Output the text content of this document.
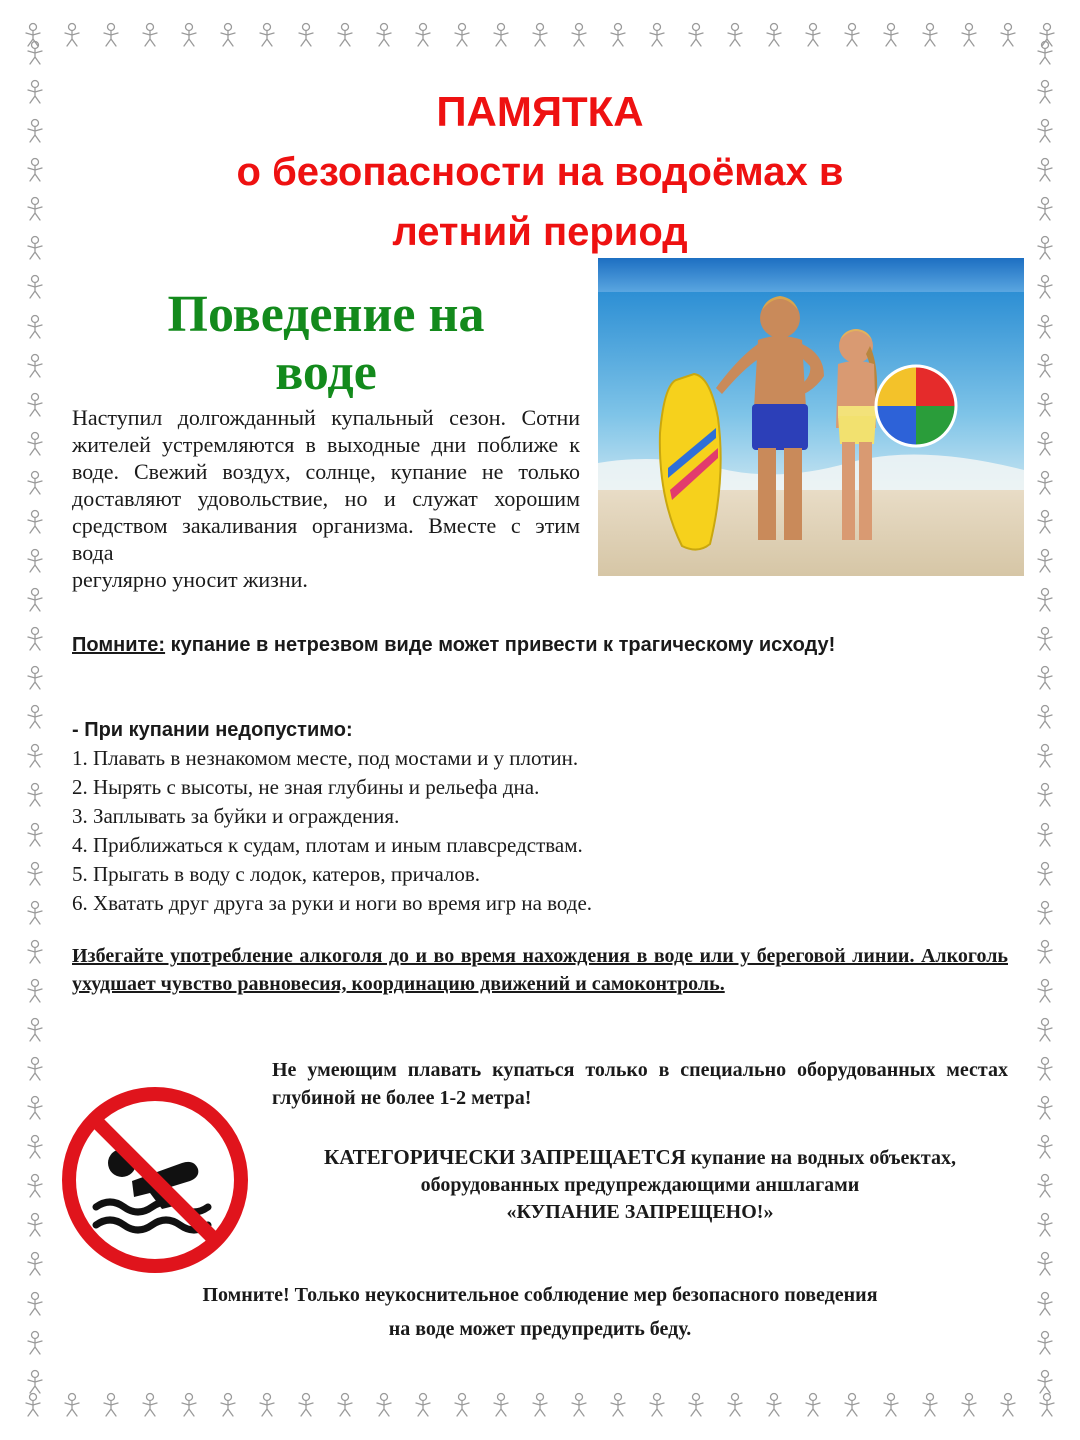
ПАМЯТКА
о безопасности на водоёмах в
летний период
Поведение на
воде
Наступил долгожданный купальный сезон. Сотни жителей устремляются в выходные дни поближе к воде. Свежий воздух, солнце, купание не только доставляют удовольствие, но и служат хорошим средством закаливания организма. Вместе с этим вода
регулярно уносит жизни.
Помните: купание в нетрезвом виде может привести к трагическому исходу!
- При купании недопустимо:
1. Плавать в незнакомом месте, под мостами и у плотин.
2. Нырять с высоты, не зная глубины и рельефа дна.
3. Заплывать за буйки и ограждения.
4. Приближаться к судам, плотам и иным плавсредствам.
5. Прыгать в воду с лодок, катеров, причалов.
6. Хватать друг друга за руки и ноги во время игр на воде.
Избегайте употребление алкоголя до и во время нахождения в воде или у береговой линии. Алкоголь ухудшает чувство равновесия, координацию движений и самоконтроль.
Не умеющим плавать купаться только в специально оборудованных местах глубиной не более 1-2 метра!
КАТЕГОРИЧЕСКИ ЗАПРЕЩАЕТСЯ купание на водных объектах, оборудованных предупреждающими аншлагами
«КУПАНИЕ ЗАПРЕЩЕНО!»
Помните! Только неукоснительное соблюдение мер безопасного поведения
на воде может предупредить беду.
